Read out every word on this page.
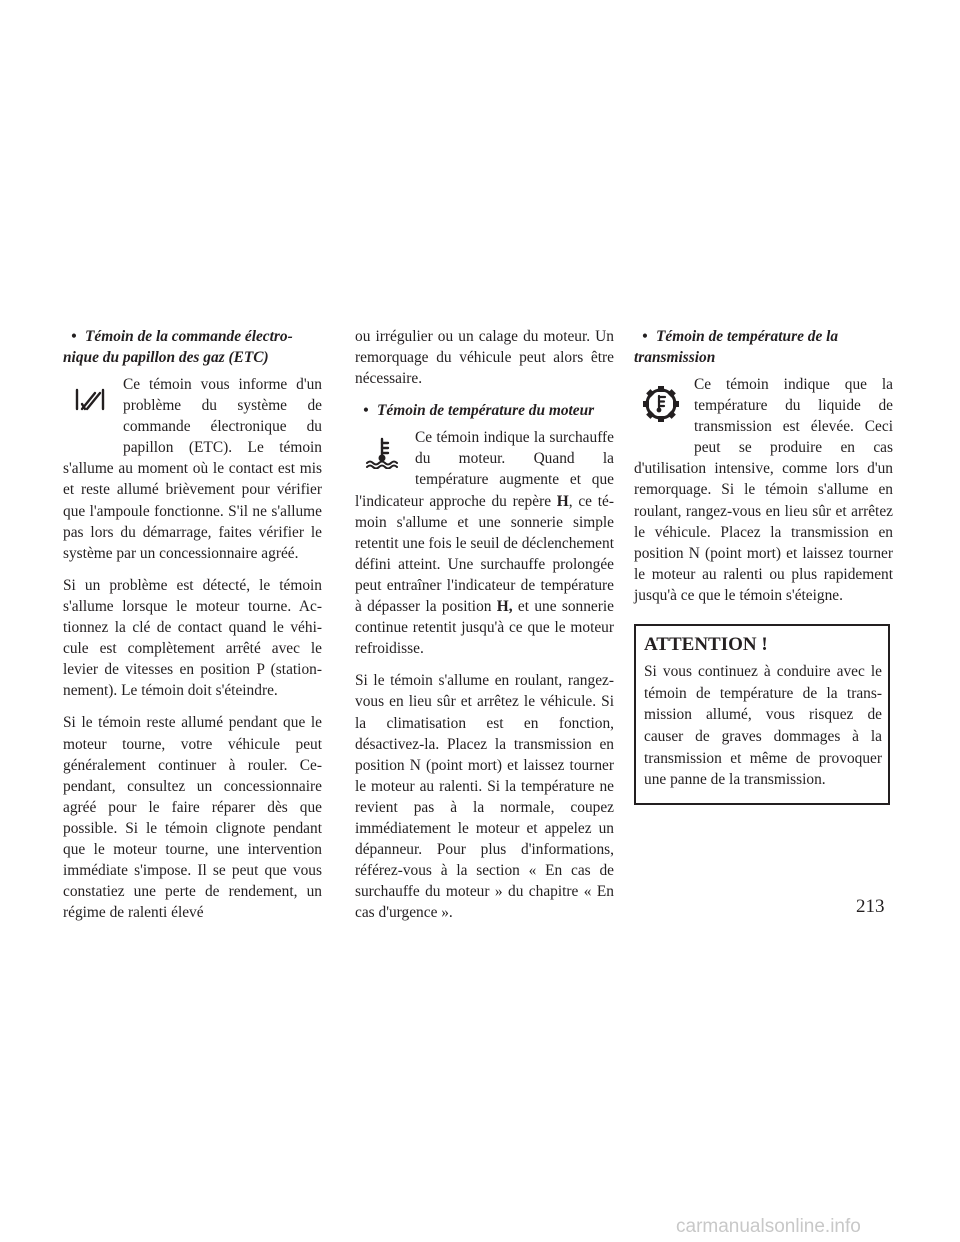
• Témoin de la commande électronique du papillon des gaz (ETC)

Ce témoin vous informe d'un problème du système de commande électronique du papillon (ETC). Le témoin s'allume au moment où le contact est mis et reste allumé brièvement pour vérifier que l'ampoule fonctionne. S'il ne s'allume pas lors du démarrage, faites vérifier le système par un concessionnaire agréé.

Si un problème est détecté, le témoin s'allume lorsque le moteur tourne. Actionnez la clé de contact quand le véhicule est complètement arrêté avec le levier de vitesses en position P (stationnement). Le témoin doit s'éteindre.

Si le témoin reste allumé pendant que le moteur tourne, votre véhicule peut généralement continuer à rouler. Cependant, consultez un concessionnaire agréé pour le faire réparer dès que possible. Si le témoin clignote pendant que le moteur tourne, une intervention immédiate s'impose. Il se peut que vous constatiez une perte de rendement, un régime de ralenti élevé

ou irrégulier ou un calage du moteur. Un remorquage du véhicule peut alors être nécessaire.

• Témoin de température du moteur

Ce témoin indique la surchauffe du moteur. Quand la température augmente et que l'indicateur approche du repère H, ce témoin s'allume et une sonnerie simple retentit une fois le seuil de déclenchement défini atteint. Une surchauffe prolongée peut entraîner l'indicateur de température à dépasser la position H, et une sonnerie continue retentit jusqu'à ce que le moteur refroidisse.

Si le témoin s'allume en roulant, rangez-vous en lieu sûr et arrêtez le véhicule. Si la climatisation est en fonction, désactivez-la. Placez la transmission en position N (point mort) et laissez tourner le moteur au ralenti. Si la température ne revient pas à la normale, coupez immédiatement le moteur et appelez un dépanneur. Pour plus d'informations, référez-vous à la section « En cas de surchauffe du moteur » du chapitre « En cas d'urgence ».

• Témoin de température de la transmission

Ce témoin indique que la température du liquide de transmission est élevée. Ceci peut se produire en cas d'utilisation intensive, comme lors d'un remorquage. Si le témoin s'allume en roulant, rangez-vous en lieu sûr et arrêtez le véhicule. Placez la transmission en position N (point mort) et laissez tourner le moteur au ralenti ou plus rapidement jusqu'à ce que le témoin s'éteigne.

ATTENTION !

Si vous continuez à conduire avec le témoin de température de la transmission allumé, vous risquez de causer de graves dommages à la transmission et même de provoquer une panne de la transmission.

213
carmanualsonline.info
